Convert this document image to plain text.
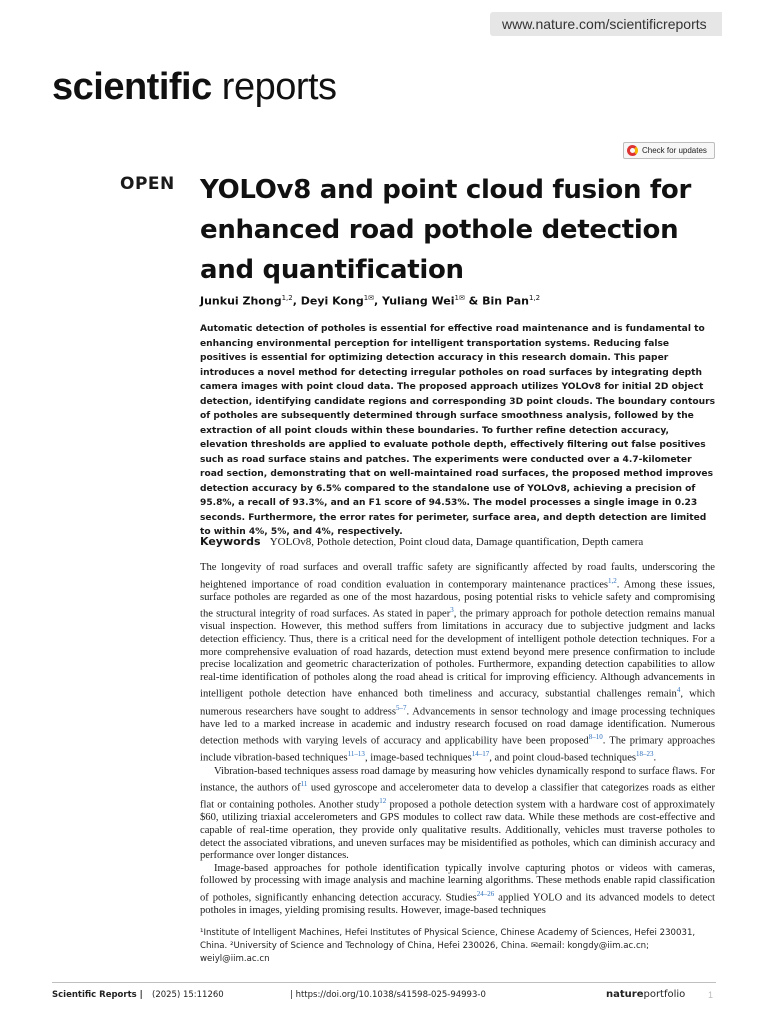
www.nature.com/scientificreports
scientific reports
Check for updates
OPEN YOLOv8 and point cloud fusion for enhanced road pothole detection and quantification
Junkui Zhong$^{1,2}$, Deyi Kong$^{1✉}$, Yuliang Wei$^{1✉}$ & Bin Pan$^{1,2}$

Automatic detection of potholes is essential for effective road maintenance and is fundamental to enhancing environmental perception for intelligent transportation systems. Reducing false positives is essential for optimizing detection accuracy in this research domain. This paper introduces a novel method for detecting irregular potholes on road surfaces by integrating depth camera images with point cloud data. The proposed approach utilizes YOLOv8 for initial 2D object detection, identifying candidate regions and corresponding 3D point clouds. The boundary contours of potholes are subsequently determined through surface smoothness analysis, followed by the extraction of all point clouds within these boundaries. To further refine detection accuracy, elevation thresholds are applied to evaluate pothole depth, effectively filtering out false positives such as road surface stains and patches. The experiments were conducted over a 4.7-kilometer road section, demonstrating that on well-maintained road surfaces, the proposed method improves detection accuracy by 6.5% compared to the standalone use of YOLOv8, achieving a precision of 95.8%, a recall of 93.3%, and an F1 score of 94.53%. The model processes a single image in 0.23 seconds. Furthermore, the error rates for perimeter, surface area, and depth detection are limited to within 4%, 5%, and 4%, respectively.

Keywords YOLOv8, Pothole detection, Point cloud data, Damage quantification, Depth camera

The longevity of road surfaces and overall traffic safety are significantly affected by road faults, underscoring the heightened importance of road condition evaluation in contemporary maintenance practices$^{1,2}$. Among these issues, surface potholes are regarded as one of the most hazardous, posing potential risks to vehicle safety and compromising the structural integrity of road surfaces. As stated in paper$^3$, the primary approach for pothole detection remains manual visual inspection. However, this method suffers from limitations in accuracy due to subjective judgment and lacks detection efficiency. Thus, there is a critical need for the development of intelligent pothole detection techniques. For a more comprehensive evaluation of road hazards, detection must extend beyond mere presence confirmation to include precise localization and geometric characterization of potholes. Furthermore, expanding detection capabilities to allow real-time identification of potholes along the road ahead is critical for improving efficiency. Although advancements in intelligent pothole detection have enhanced both timeliness and accuracy, substantial challenges remain$^4$, which numerous researchers have sought to address$^{5-7}$. Advancements in sensor technology and image processing techniques have led to a marked increase in academic and industry research focused on road damage identification. Numerous detection methods with varying levels of accuracy and applicability have been proposed$^{8-10}$. The primary approaches include vibration-based techniques$^{11-13}$, image-based techniques$^{14-17}$, and point cloud-based techniques$^{18-23}$.

Vibration-based techniques assess road damage by measuring how vehicles dynamically respond to surface flaws. For instance, the authors $of^{11}$ used gyroscope and accelerometer data to develop a classifier that categorizes roads as either flat or containing potholes. Another study$^{12}$ proposed a pothole detection system with a hardware cost of approximately $60, utilizing triaxial accelerometers and GPS modules to collect raw data. While these methods are cost-effective and capable of real-time operation, they provide only qualitative results. Additionally, vehicles must traverse potholes to detect the associated vibrations, and uneven surfaces may be misidentified as potholes, which can diminish accuracy and performance over longer distances.

Image-based approaches for pothole identification typically involve capturing photos or videos with cameras, followed by processing with image analysis and machine learning algorithms. These methods enable rapid classification of potholes, significantly enhancing detection accuracy. Studies$^{24-26}$ applied YOLO and its advanced models to detect potholes in images, yielding promising results. However, image-based techniques

¹Institute of Intelligent Machines, Hefei Institutes of Physical Science, Chinese Academy of Sciences, Hefei 230031, China. ²University of Science and Technology of China, Hefei 230026, China. ✉email: kongdy@iim.ac.cn; weiyl@iim.ac.cn
Scientific Reports | (2025) 15:11260	| https://doi.org/10.1038/s41598-025-94993-0	natureportfolio	1
